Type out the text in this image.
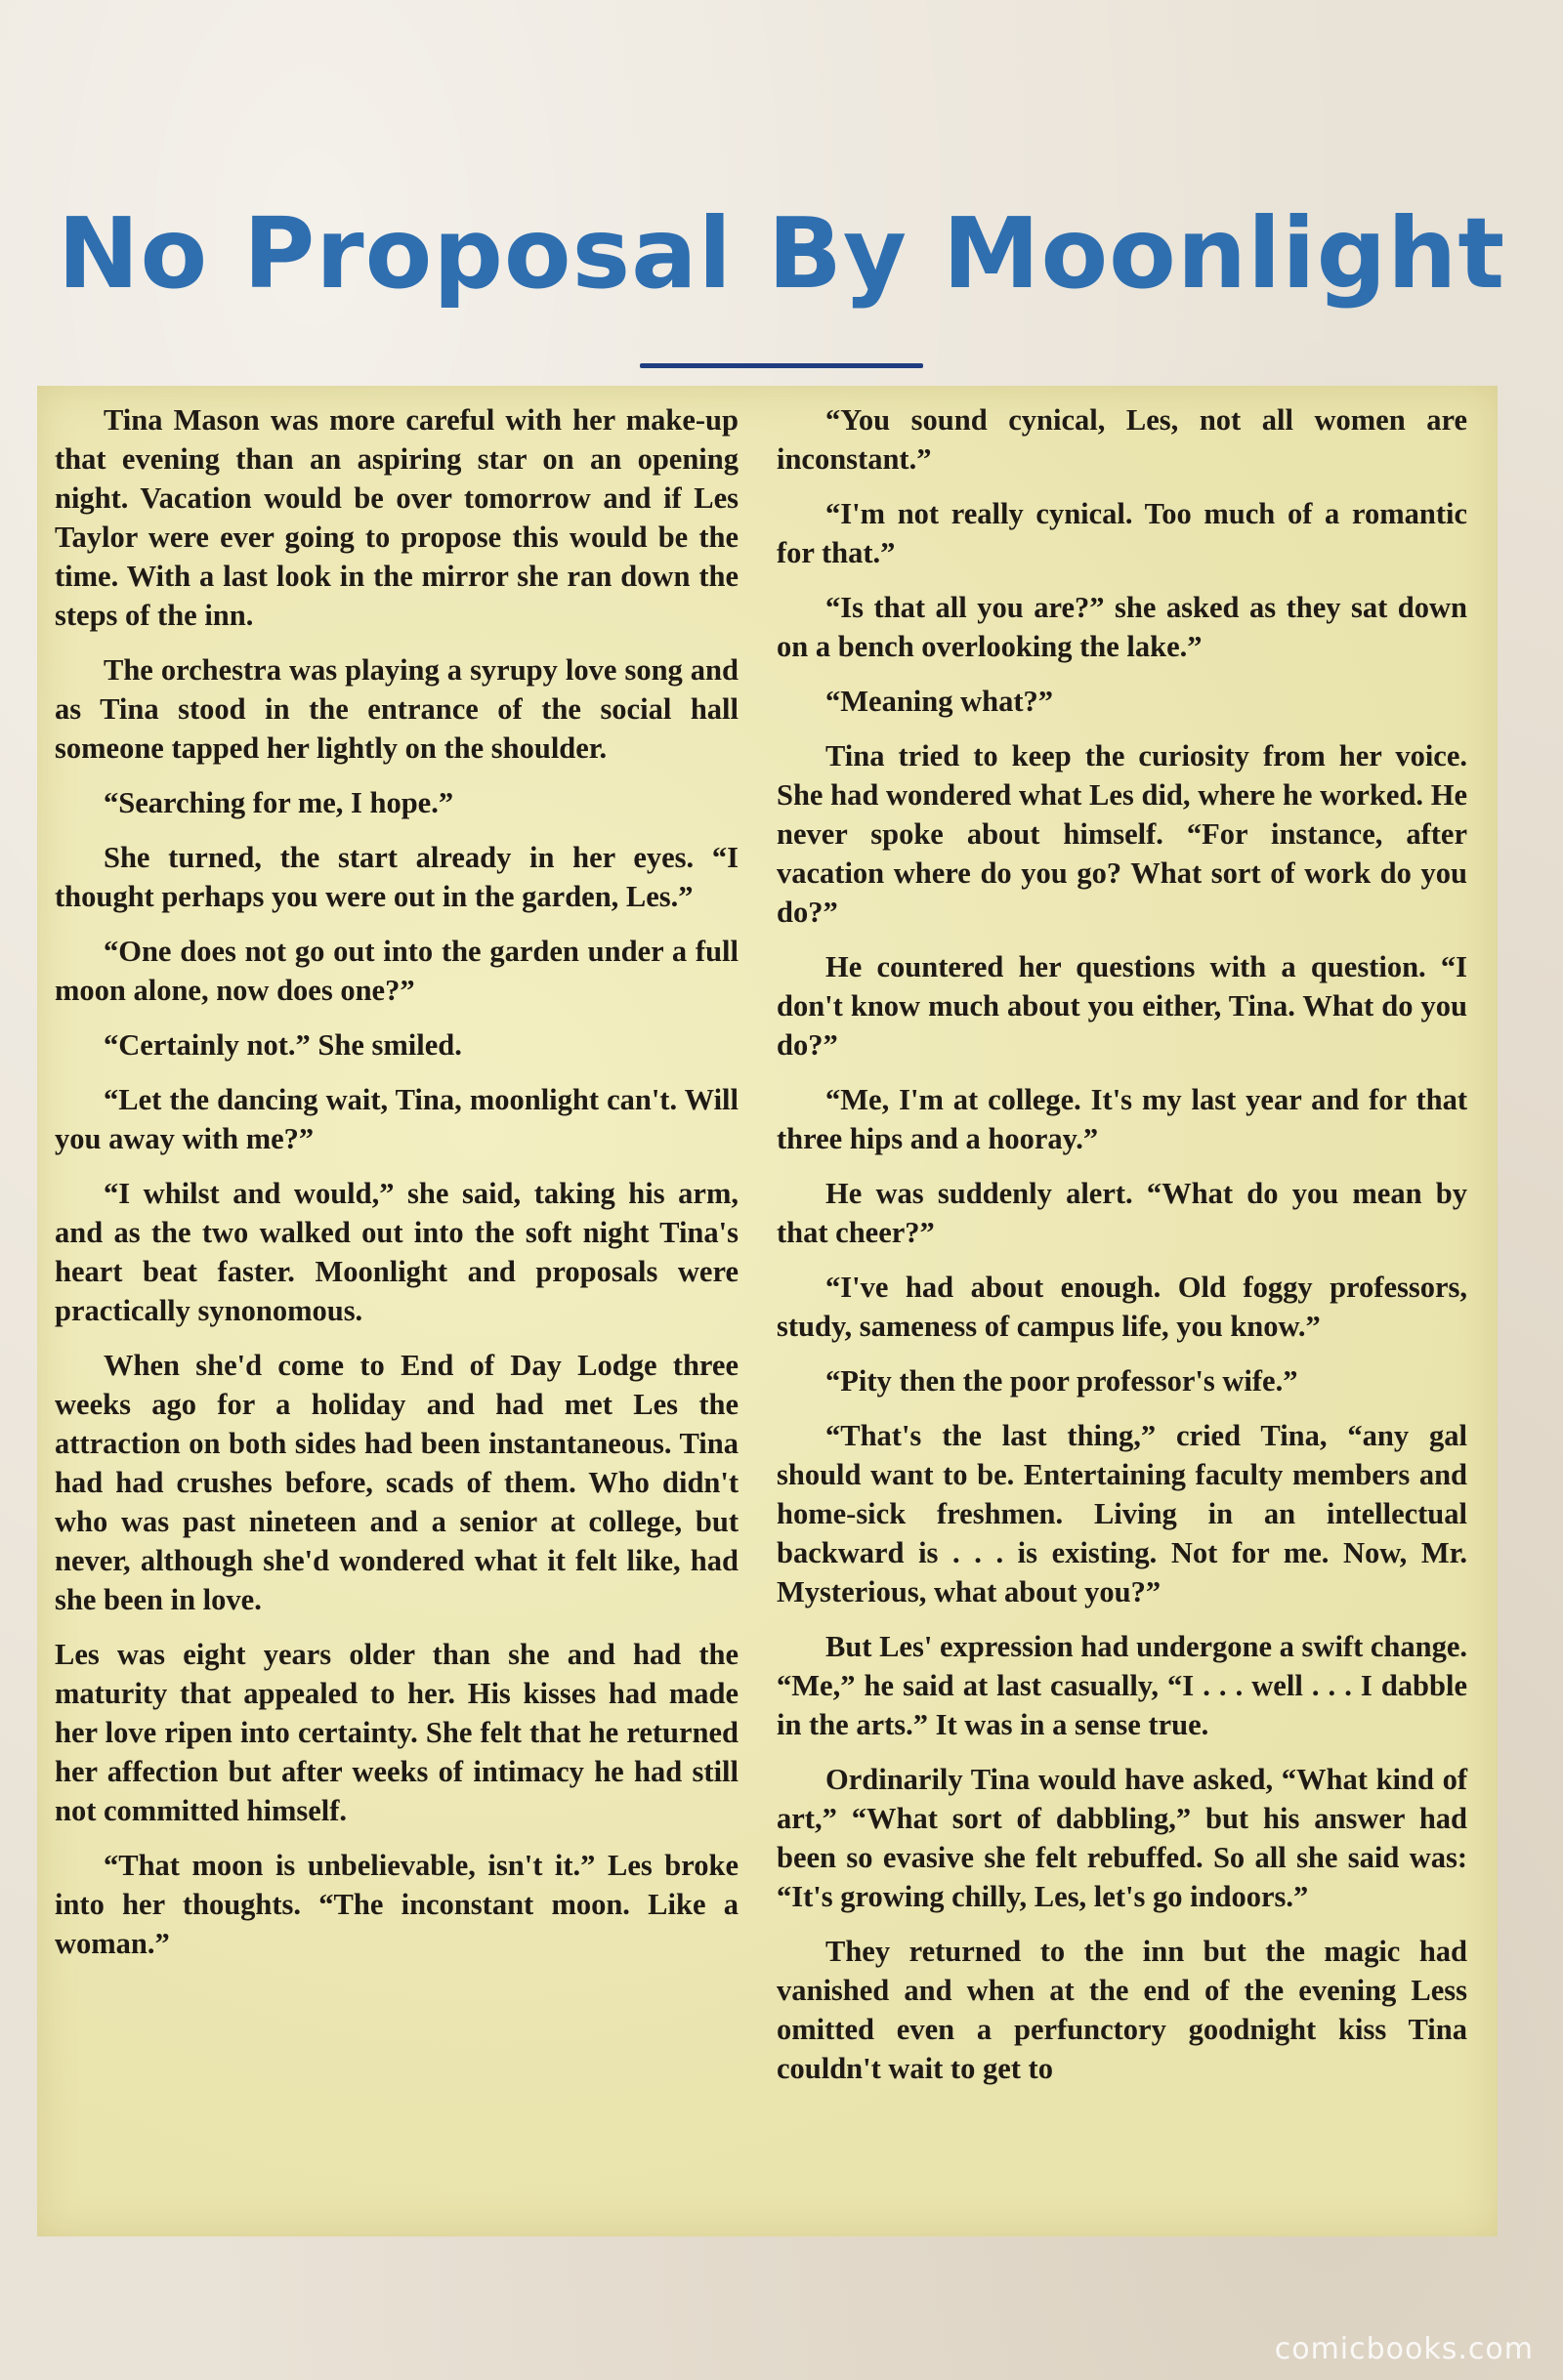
No Proposal By Moonlight

Tina Mason was more careful with her make-up that evening than an aspiring star on an opening night. Vacation would be over tomorrow and if Les Taylor were ever going to propose this would be the time. With a last look in the mirror she ran down the steps of the inn.

The orchestra was playing a syrupy love song and as Tina stood in the entrance of the social hall someone tapped her lightly on the shoulder.

“Searching for me, I hope.”

She turned, the start already in her eyes. “I thought perhaps you were out in the garden, Les.”

“One does not go out into the garden under a full moon alone, now does one?”

“Certainly not.” She smiled.

“Let the dancing wait, Tina, moonlight can't. Will you away with me?”

“I whilst and would,” she said, taking his arm, and as the two walked out into the soft night Tina's heart beat faster. Moonlight and proposals were practically synonomous.

When she'd come to End of Day Lodge three weeks ago for a holiday and had met Les the attraction on both sides had been instantaneous. Tina had had crushes before, scads of them. Who didn't who was past nineteen and a senior at college, but never, although she'd wondered what it felt like, had she been in love.

Les was eight years older than she and had the maturity that appealed to her. His kisses had made her love ripen into certainty. She felt that he returned her affection but after weeks of intimacy he had still not committed himself.

“That moon is unbelievable, isn't it.” Les broke into her thoughts. “The inconstant moon. Like a woman.”

“You sound cynical, Les, not all women are inconstant.”

“I'm not really cynical. Too much of a romantic for that.”

“Is that all you are?” she asked as they sat down on a bench overlooking the lake.”

“Meaning what?”

Tina tried to keep the curiosity from her voice. She had wondered what Les did, where he worked. He never spoke about himself. “For instance, after vacation where do you go? What sort of work do you do?”

He countered her questions with a question. “I don't know much about you either, Tina. What do you do?”

“Me, I'm at college. It's my last year and for that three hips and a hooray.”

He was suddenly alert. “What do you mean by that cheer?”

“I've had about enough. Old foggy professors, study, sameness of campus life, you know.”

“Pity then the poor professor's wife.”

“That's the last thing,” cried Tina, “any gal should want to be. Entertaining faculty members and home-sick freshmen. Living in an intellectual backward is . . . is existing. Not for me. Now, Mr. Mysterious, what about you?”

But Les' expression had undergone a swift change. “Me,” he said at last casually, “I . . . well . . . I dabble in the arts.” It was in a sense true.

Ordinarily Tina would have asked, “What kind of art,” “What sort of dabbling,” but his answer had been so evasive she felt rebuffed. So all she said was: “It's growing chilly, Les, let's go indoors.”

They returned to the inn but the magic had vanished and when at the end of the evening Less omitted even a perfunctory goodnight kiss Tina couldn't wait to get to

comicbooks.com
